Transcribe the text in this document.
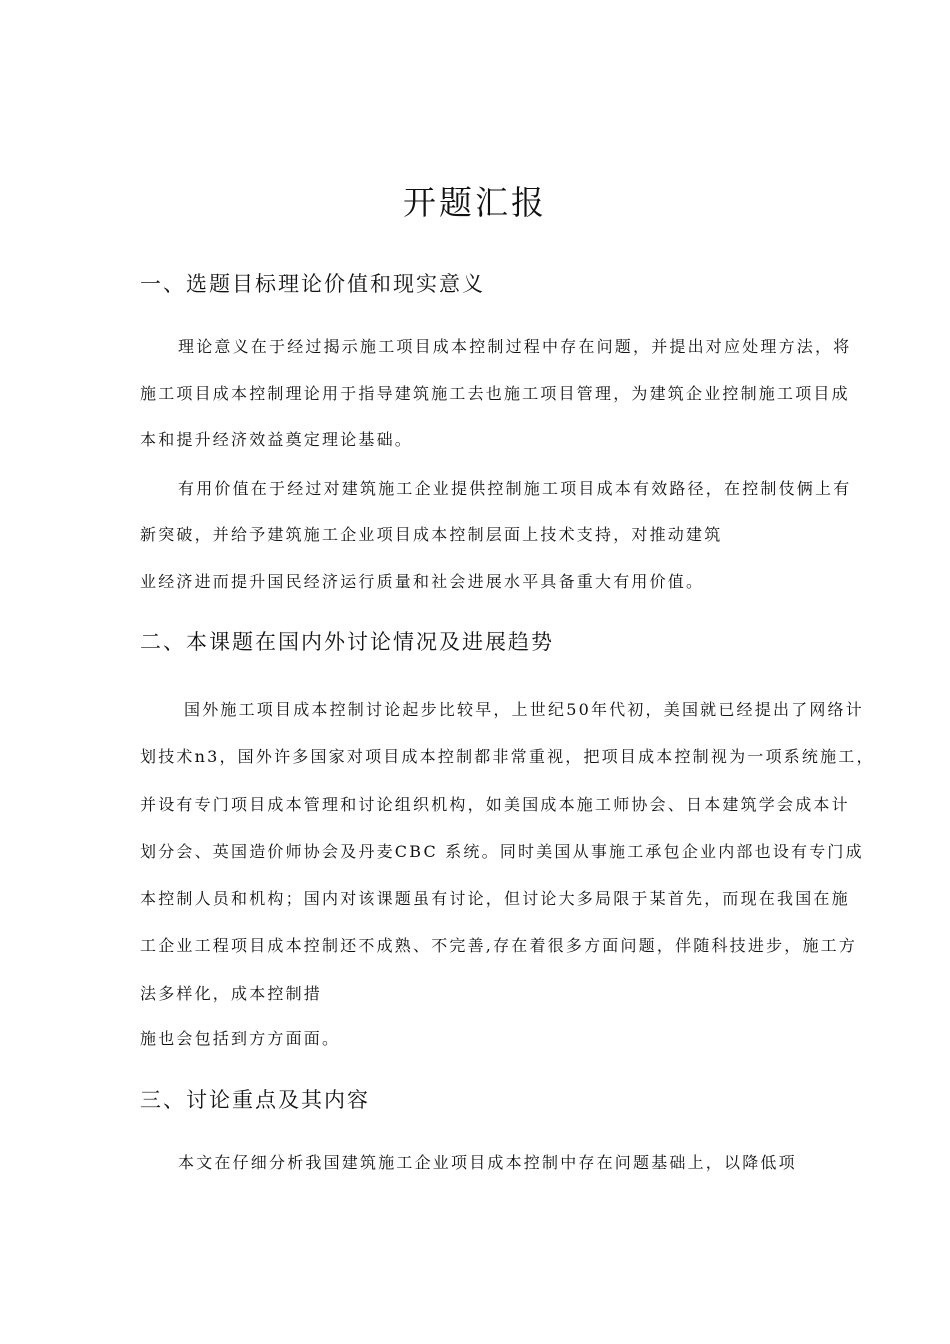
开题汇报
一、选题目标理论价值和现实意义
理论意义在于经过揭示施工项目成本控制过程中存在问题，并提出对应处理方法，将
施工项目成本控制理论用于指导建筑施工去也施工项目管理，为建筑企业控制施工项目成
本和提升经济效益奠定理论基础。
有用价值在于经过对建筑施工企业提供控制施工项目成本有效路径，在控制伎俩上有
新突破，并给予建筑施工企业项目成本控制层面上技术支持，对推动建筑
业经济进而提升国民经济运行质量和社会进展水平具备重大有用价值。
二、本课题在国内外讨论情况及进展趋势
国外施工项目成本控制讨论起步比较早，上世纪50年代初，美国就已经提出了网络计
划技术n3，国外许多国家对项目成本控制都非常重视，把项目成本控制视为一项系统施工，
并设有专门项目成本管理和讨论组织机构，如美国成本施工师协会、日本建筑学会成本计
划分会、英国造价师协会及丹麦CBC 系统。同时美国从事施工承包企业内部也设有专门成
本控制人员和机构；国内对该课题虽有讨论，但讨论大多局限于某首先，而现在我国在施
工企业工程项目成本控制还不成熟、不完善,存在着很多方面问题，伴随科技进步，施工方
法多样化，成本控制措
施也会包括到方方面面。
三、讨论重点及其内容
本文在仔细分析我国建筑施工企业项目成本控制中存在问题基础上，以降低项
